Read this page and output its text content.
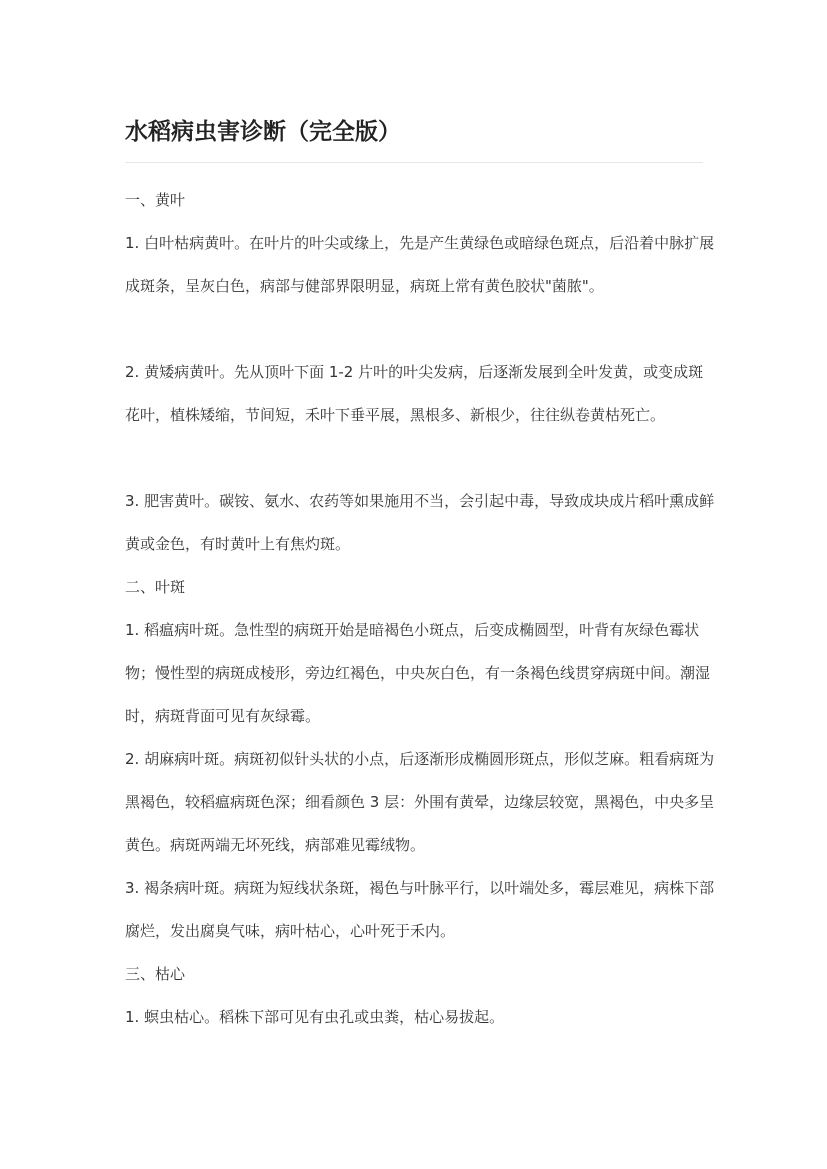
水稻病虫害诊断（完全版）
一、黄叶
1. 白叶枯病黄叶。在叶片的叶尖或缘上，先是产生黄绿色或暗绿色斑点，后沿着中脉扩展成斑条，呈灰白色，病部与健部界限明显，病斑上常有黄色胶状"菌脓"。
2. 黄矮病黄叶。先从顶叶下面 1-2 片叶的叶尖发病，后逐渐发展到全叶发黄，或变成斑花叶，植株矮缩，节间短，禾叶下垂平展，黑根多、新根少，往往纵卷黄枯死亡。
3. 肥害黄叶。碳铵、氨水、农药等如果施用不当，会引起中毒，导致成块成片稻叶熏成鲜黄或金色，有时黄叶上有焦灼斑。
二、叶斑
1. 稻瘟病叶斑。急性型的病斑开始是暗褐色小斑点，后变成椭圆型，叶背有灰绿色霉状物；慢性型的病斑成棱形，旁边红褐色，中央灰白色，有一条褐色线贯穿病斑中间。潮湿时，病斑背面可见有灰绿霉。
2. 胡麻病叶斑。病斑初似针头状的小点，后逐渐形成椭圆形斑点，形似芝麻。粗看病斑为黑褐色，较稻瘟病斑色深；细看颜色 3 层：外围有黄晕，边缘层较宽，黑褐色，中央多呈黄色。病斑两端无坏死线，病部难见霉绒物。
3. 褐条病叶斑。病斑为短线状条斑，褐色与叶脉平行，以叶端处多，霉层难见，病株下部腐烂，发出腐臭气味，病叶枯心，心叶死于禾内。
三、枯心
1. 螟虫枯心。稻株下部可见有虫孔或虫粪，枯心易拔起。
